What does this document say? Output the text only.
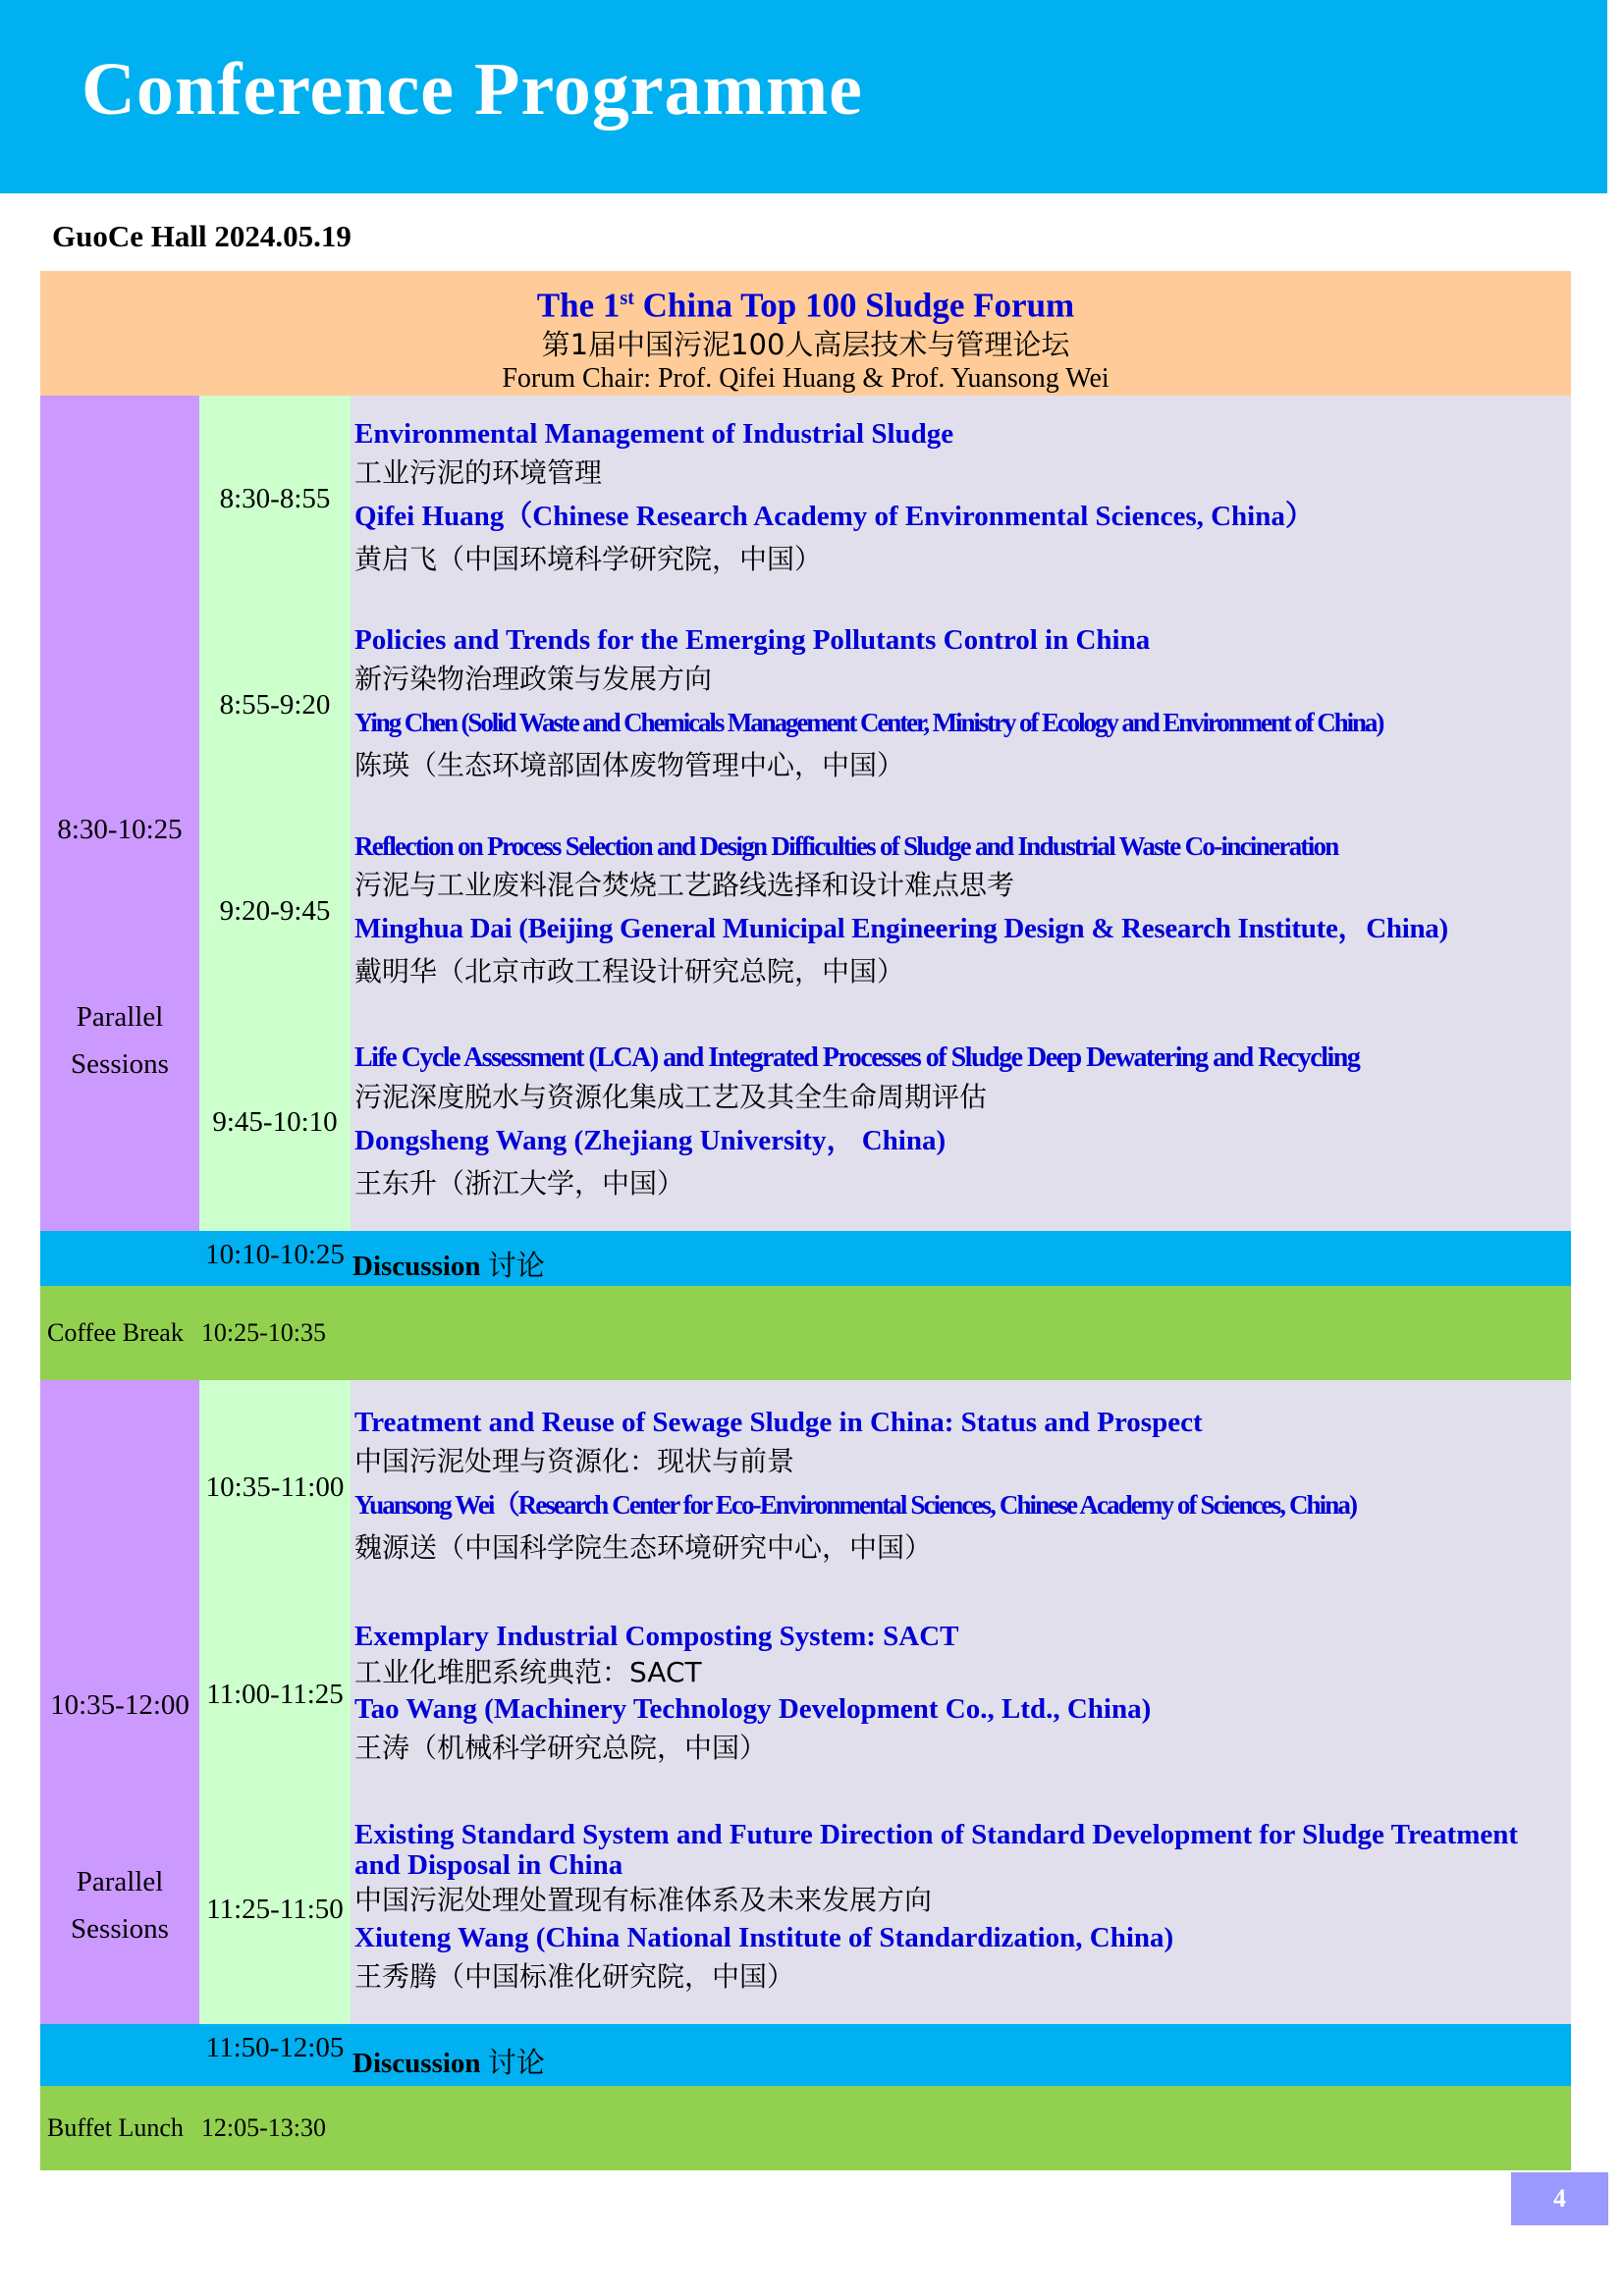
Conference Programme
GuoCe Hall 2024.05.19
The 1st China Top 100 Sludge Forum
第1届中国污泥100人高层技术与管理论坛
Forum Chair: Prof. Qifei Huang & Prof. Yuansong Wei
8:30-10:25
Parallel
Sessions
8:30-8:55
Environmental Management of Industrial Sludge
工业污泥的环境管理
Qifei Huang（Chinese Research Academy of Environmental Sciences, China）
黄启飞（中国环境科学研究院，中国）
8:55-9:20
Policies and Trends for the Emerging Pollutants Control in China
新污染物治理政策与发展方向
Ying Chen (Solid Waste and Chemicals Management Center, Ministry of Ecology and Environment of China)
陈瑛（生态环境部固体废物管理中心，中国）
9:20-9:45
Reflection on Process Selection and Design Difficulties of Sludge and Industrial Waste Co-incineration
污泥与工业废料混合焚烧工艺路线选择和设计难点思考
Minghua Dai (Beijing General Municipal Engineering Design & Research Institute，China)
戴明华（北京市政工程设计研究总院，中国）
9:45-10:10
Life Cycle Assessment (LCA) and Integrated Processes of Sludge Deep Dewatering and Recycling
污泥深度脱水与资源化集成工艺及其全生命周期评估
Dongsheng Wang (Zhejiang University， China)
王东升（浙江大学，中国）
10:10-10:25 Discussion 讨论
Coffee Break 10:25-10:35
10:35-12:00
Parallel
Sessions
10:35-11:00
Treatment and Reuse of Sewage Sludge in China: Status and Prospect
中国污泥处理与资源化：现状与前景
Yuansong Wei（Research Center for Eco-Environmental Sciences, Chinese Academy of Sciences, China)
魏源送（中国科学院生态环境研究中心，中国）
11:00-11:25
Exemplary Industrial Composting System: SACT
工业化堆肥系统典范：SACT
Tao Wang (Machinery Technology Development Co., Ltd., China)
王涛（机械科学研究总院，中国）
11:25-11:50
Existing Standard System and Future Direction of Standard Development for Sludge Treatment and Disposal in China
中国污泥处理处置现有标准体系及未来发展方向
Xiuteng Wang (China National Institute of Standardization, China)
王秀腾（中国标准化研究院，中国）
11:50-12:05 Discussion 讨论
Buffet Lunch 12:05-13:30
4
